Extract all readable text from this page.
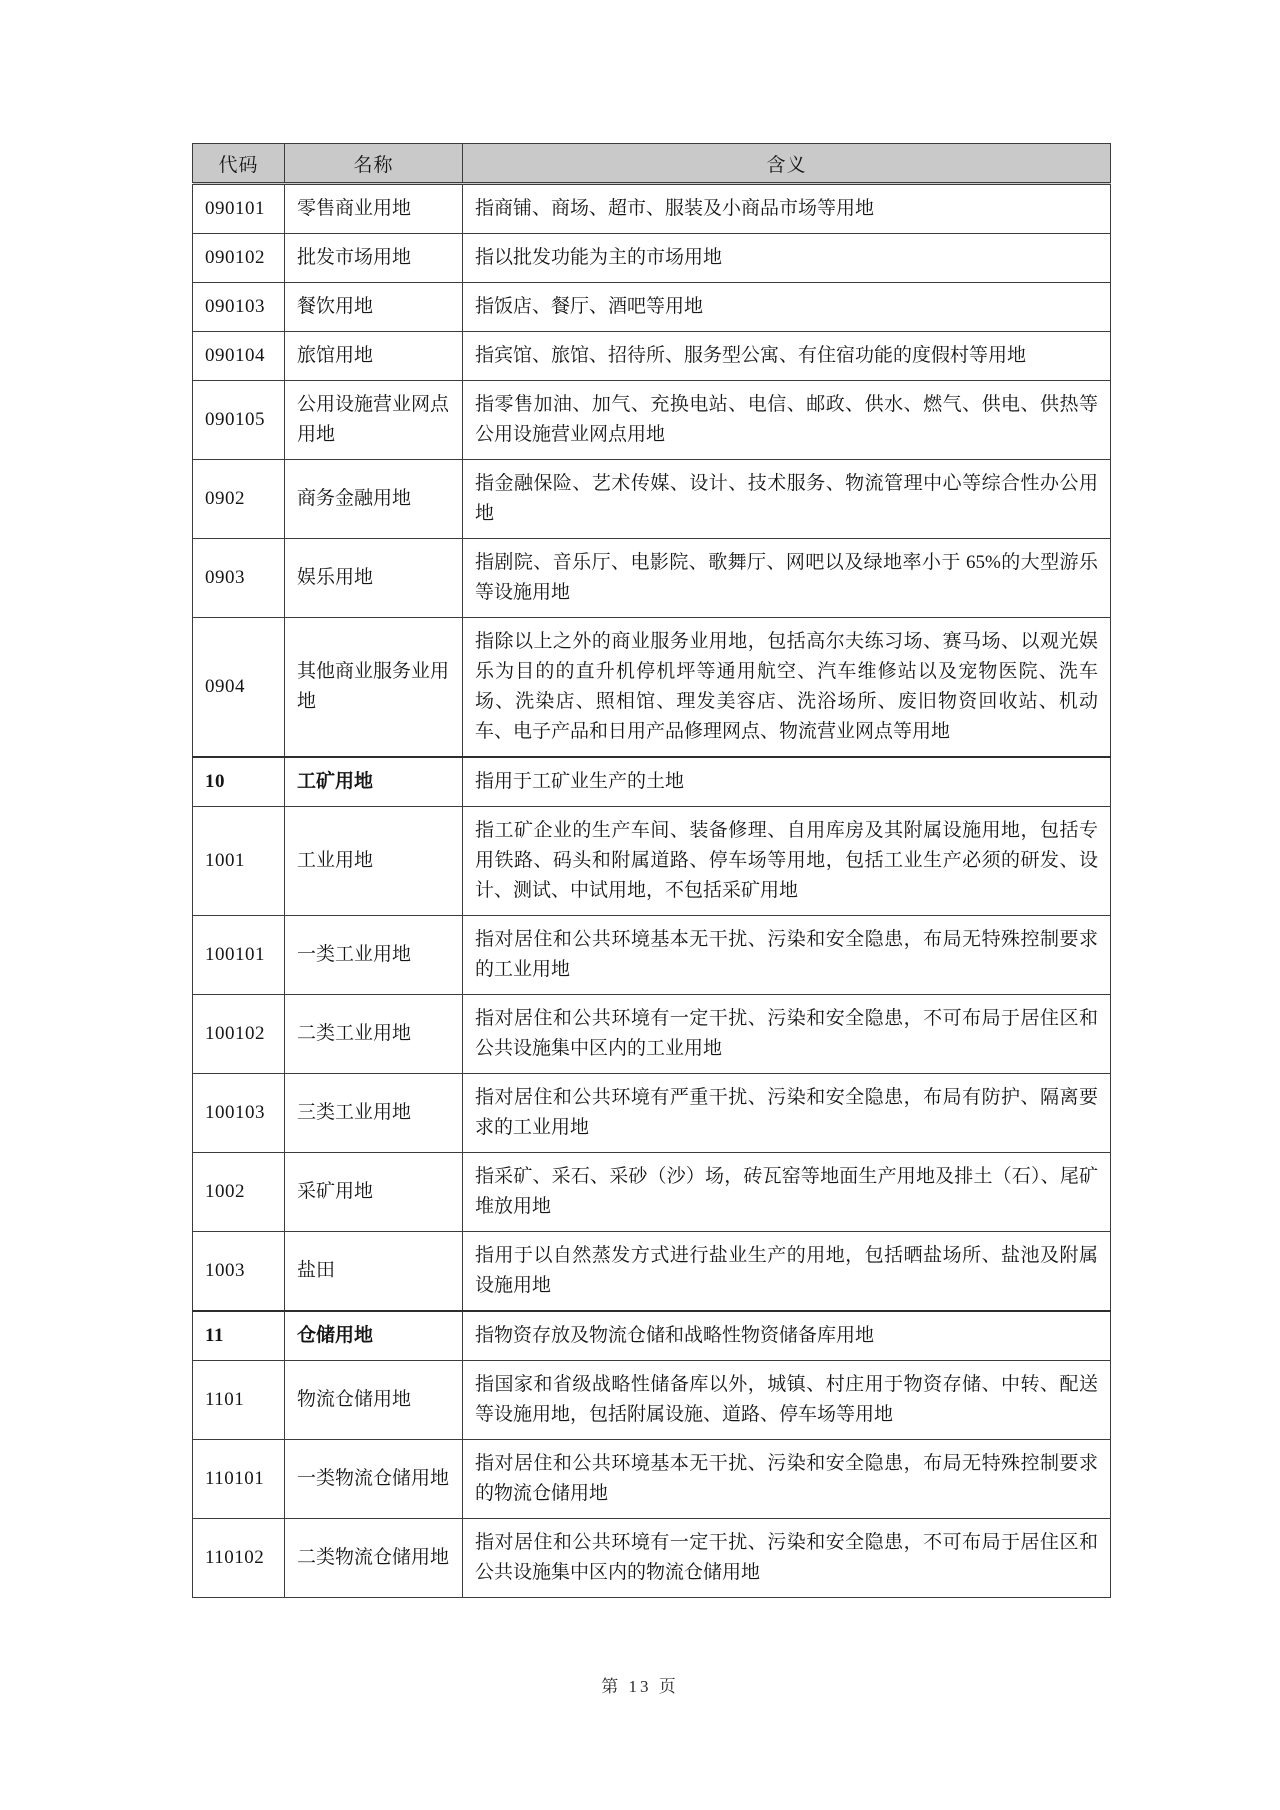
代码	名称	含义
090101	零售商业用地	指商铺、商场、超市、服装及小商品市场等用地
090102	批发市场用地	指以批发功能为主的市场用地
090103	餐饮用地	指饭店、餐厅、酒吧等用地
090104	旅馆用地	指宾馆、旅馆、招待所、服务型公寓、有住宿功能的度假村等用地
090105	公用设施营业网点用地	指零售加油、加气、充换电站、电信、邮政、供水、燃气、供电、供热等公用设施营业网点用地
0902	商务金融用地	指金融保险、艺术传媒、设计、技术服务、物流管理中心等综合性办公用地
0903	娱乐用地	指剧院、音乐厅、电影院、歌舞厅、网吧以及绿地率小于 65%的大型游乐等设施用地
0904	其他商业服务业用地	指除以上之外的商业服务业用地，包括高尔夫练习场、赛马场、以观光娱乐为目的的直升机停机坪等通用航空、汽车维修站以及宠物医院、洗车场、洗染店、照相馆、理发美容店、洗浴场所、废旧物资回收站、机动车、电子产品和日用产品修理网点、物流营业网点等用地
10	工矿用地	指用于工矿业生产的土地
1001	工业用地	指工矿企业的生产车间、装备修理、自用库房及其附属设施用地，包括专用铁路、码头和附属道路、停车场等用地，包括工业生产必须的研发、设计、测试、中试用地，不包括采矿用地
100101	一类工业用地	指对居住和公共环境基本无干扰、污染和安全隐患，布局无特殊控制要求的工业用地
100102	二类工业用地	指对居住和公共环境有一定干扰、污染和安全隐患，不可布局于居住区和公共设施集中区内的工业用地
100103	三类工业用地	指对居住和公共环境有严重干扰、污染和安全隐患，布局有防护、隔离要求的工业用地
1002	采矿用地	指采矿、采石、采砂（沙）场，砖瓦窑等地面生产用地及排土（石）、尾矿堆放用地
1003	盐田	指用于以自然蒸发方式进行盐业生产的用地，包括晒盐场所、盐池及附属设施用地
11	仓储用地	指物资存放及物流仓储和战略性物资储备库用地
1101	物流仓储用地	指国家和省级战略性储备库以外，城镇、村庄用于物资存储、中转、配送等设施用地，包括附属设施、道路、停车场等用地
110101	一类物流仓储用地	指对居住和公共环境基本无干扰、污染和安全隐患，布局无特殊控制要求的物流仓储用地
110102	二类物流仓储用地	指对居住和公共环境有一定干扰、污染和安全隐患，不可布局于居住区和公共设施集中区内的物流仓储用地
第 13 页
